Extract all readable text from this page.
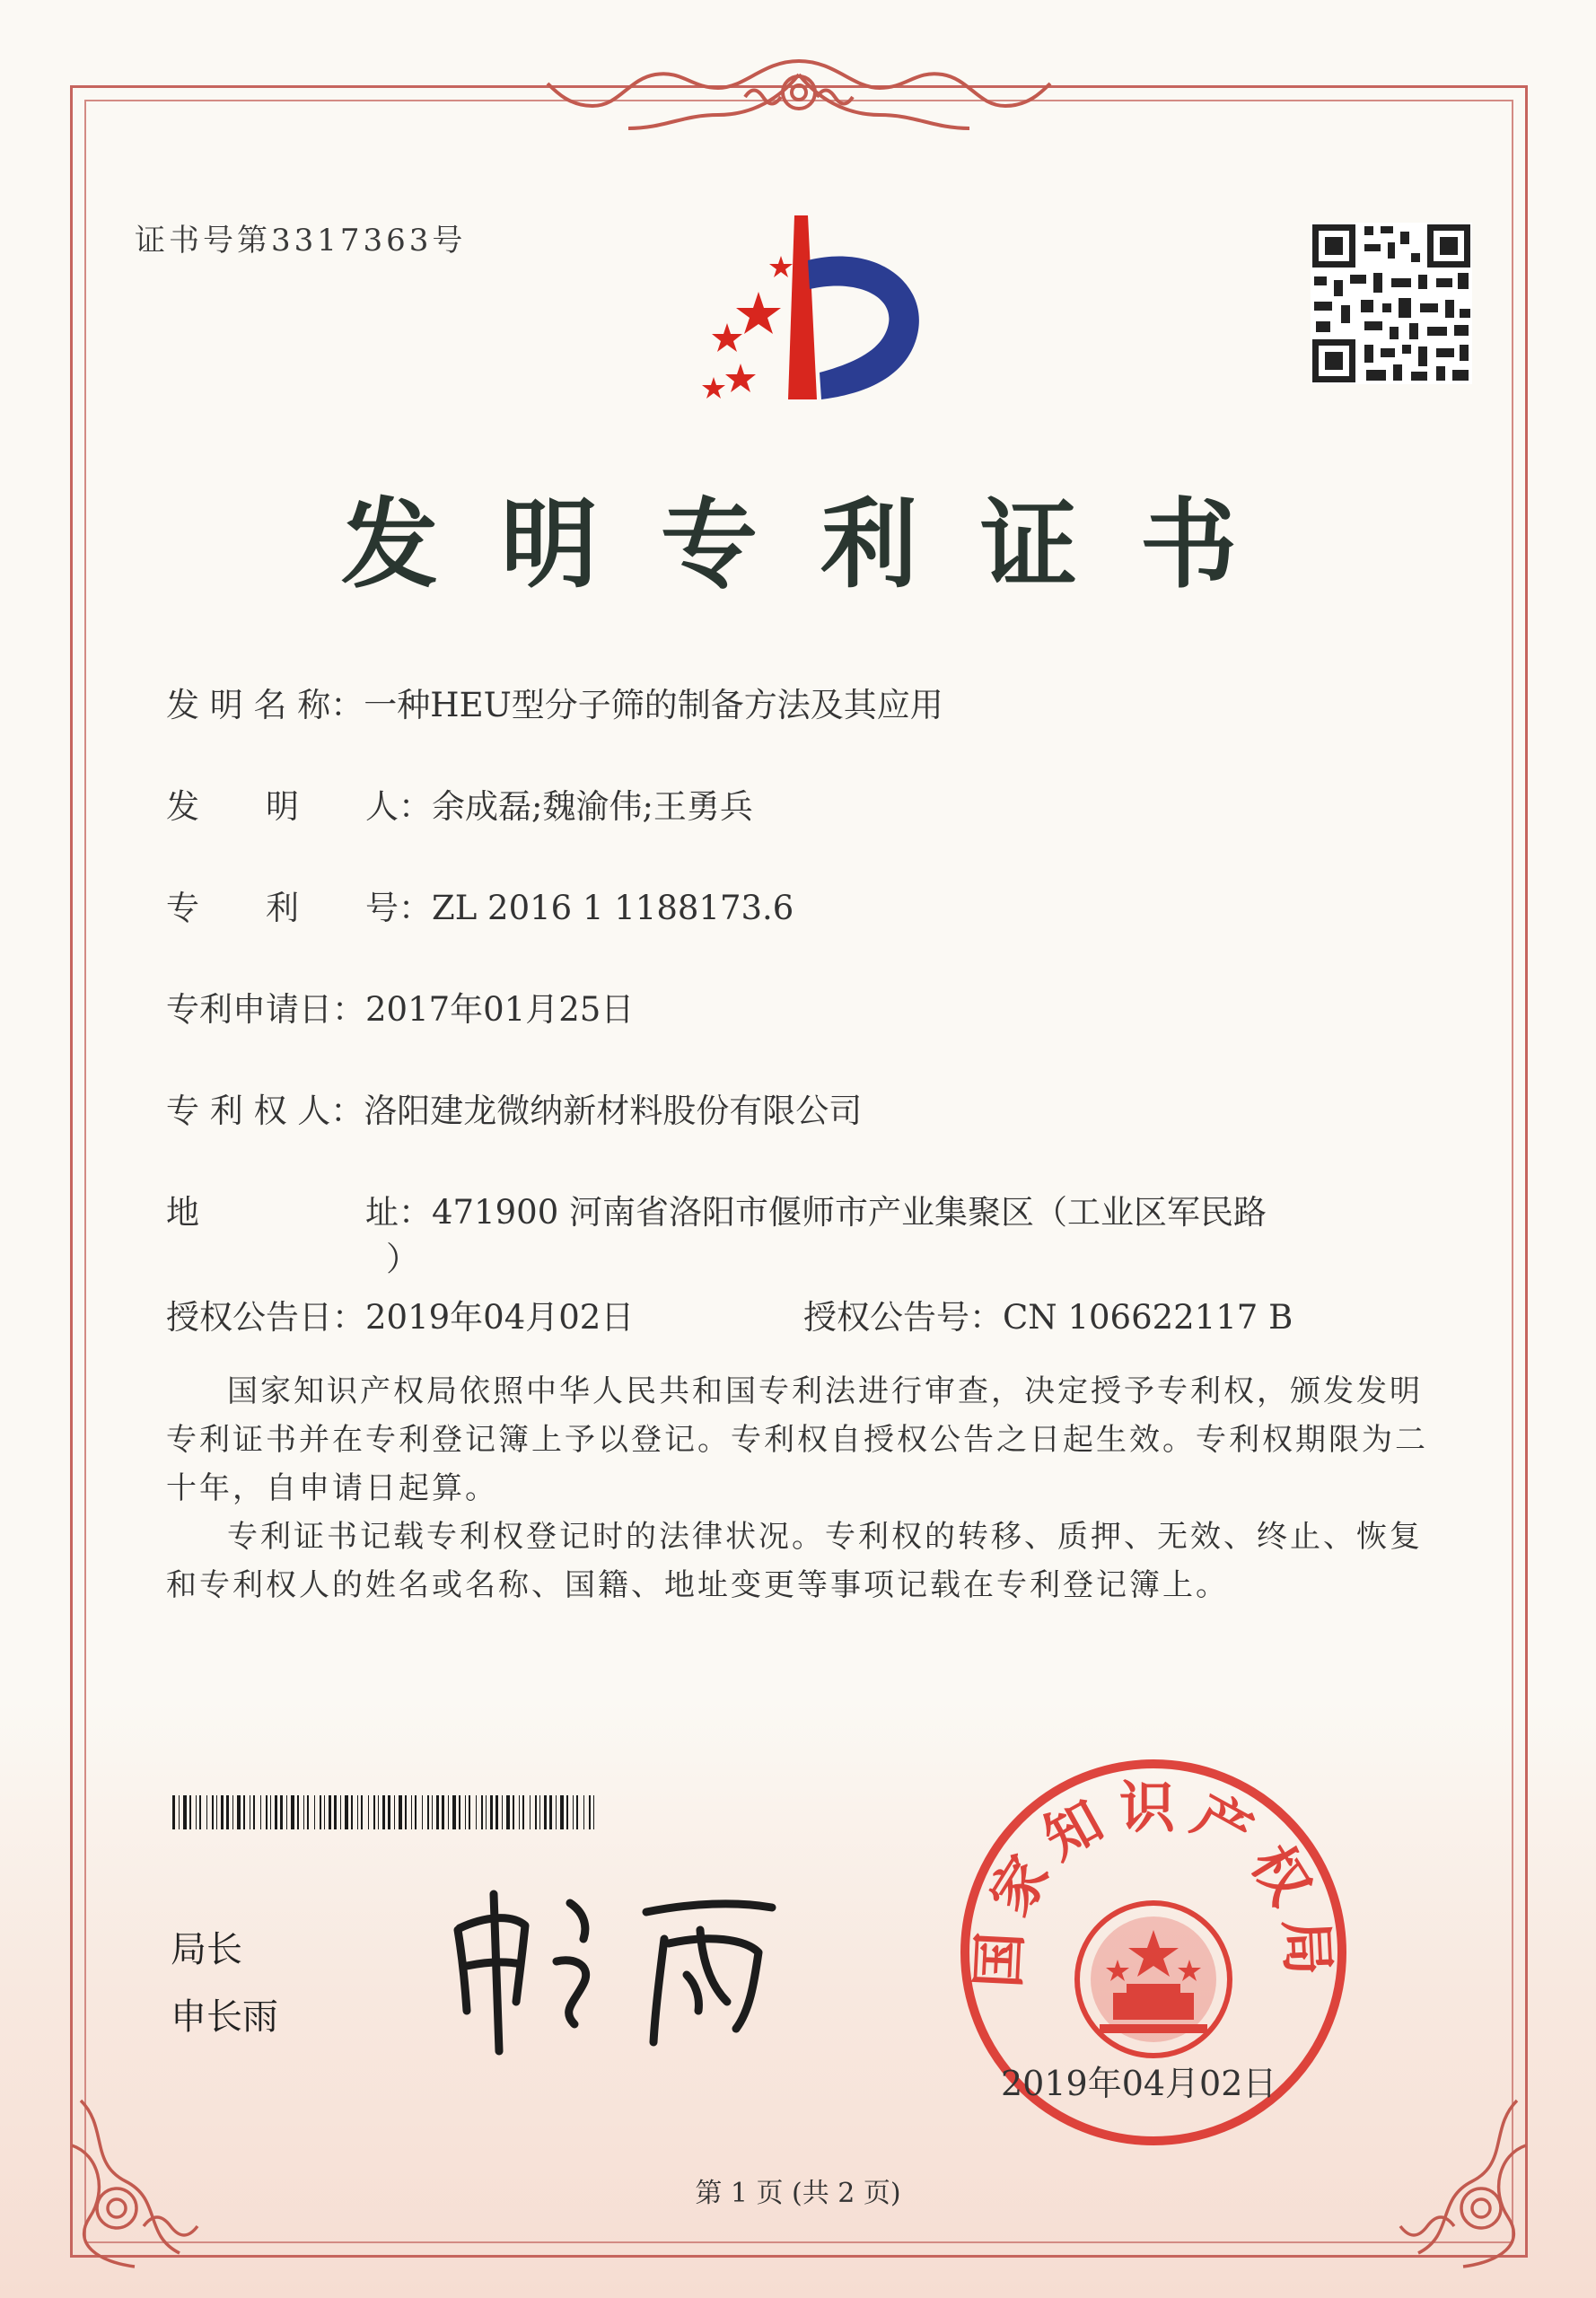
证书号第3317363号
发明专利证书
发 明 名 称：一种HEU型分子筛的制备方法及其应用
发　　明　　人：余成磊;魏渝伟;王勇兵
专　　利　　号：ZL 2016 1 1188173.6
专利申请日：2017年01月25日
专 利 权 人：洛阳建龙微纳新材料股份有限公司
地　　　　　址：471900 河南省洛阳市偃师市产业集聚区（工业区军民路
）
授权公告日：2019年04月02日	授权公告号：CN 106622117 B

国家知识产权局依照中华人民共和国专利法进行审查，决定授予专利权，颁发发明专利证书并在专利登记簿上予以登记。专利权自授权公告之日起生效。专利权期限为二十年，自申请日起算。

专利证书记载专利权登记时的法律状况。专利权的转移、质押、无效、终止、恢复和专利权人的姓名或名称、国籍、地址变更等事项记载在专利登记簿上。

局长
申长雨
国家知识产权局
2019年04月02日
第 1 页 (共 2 页)
